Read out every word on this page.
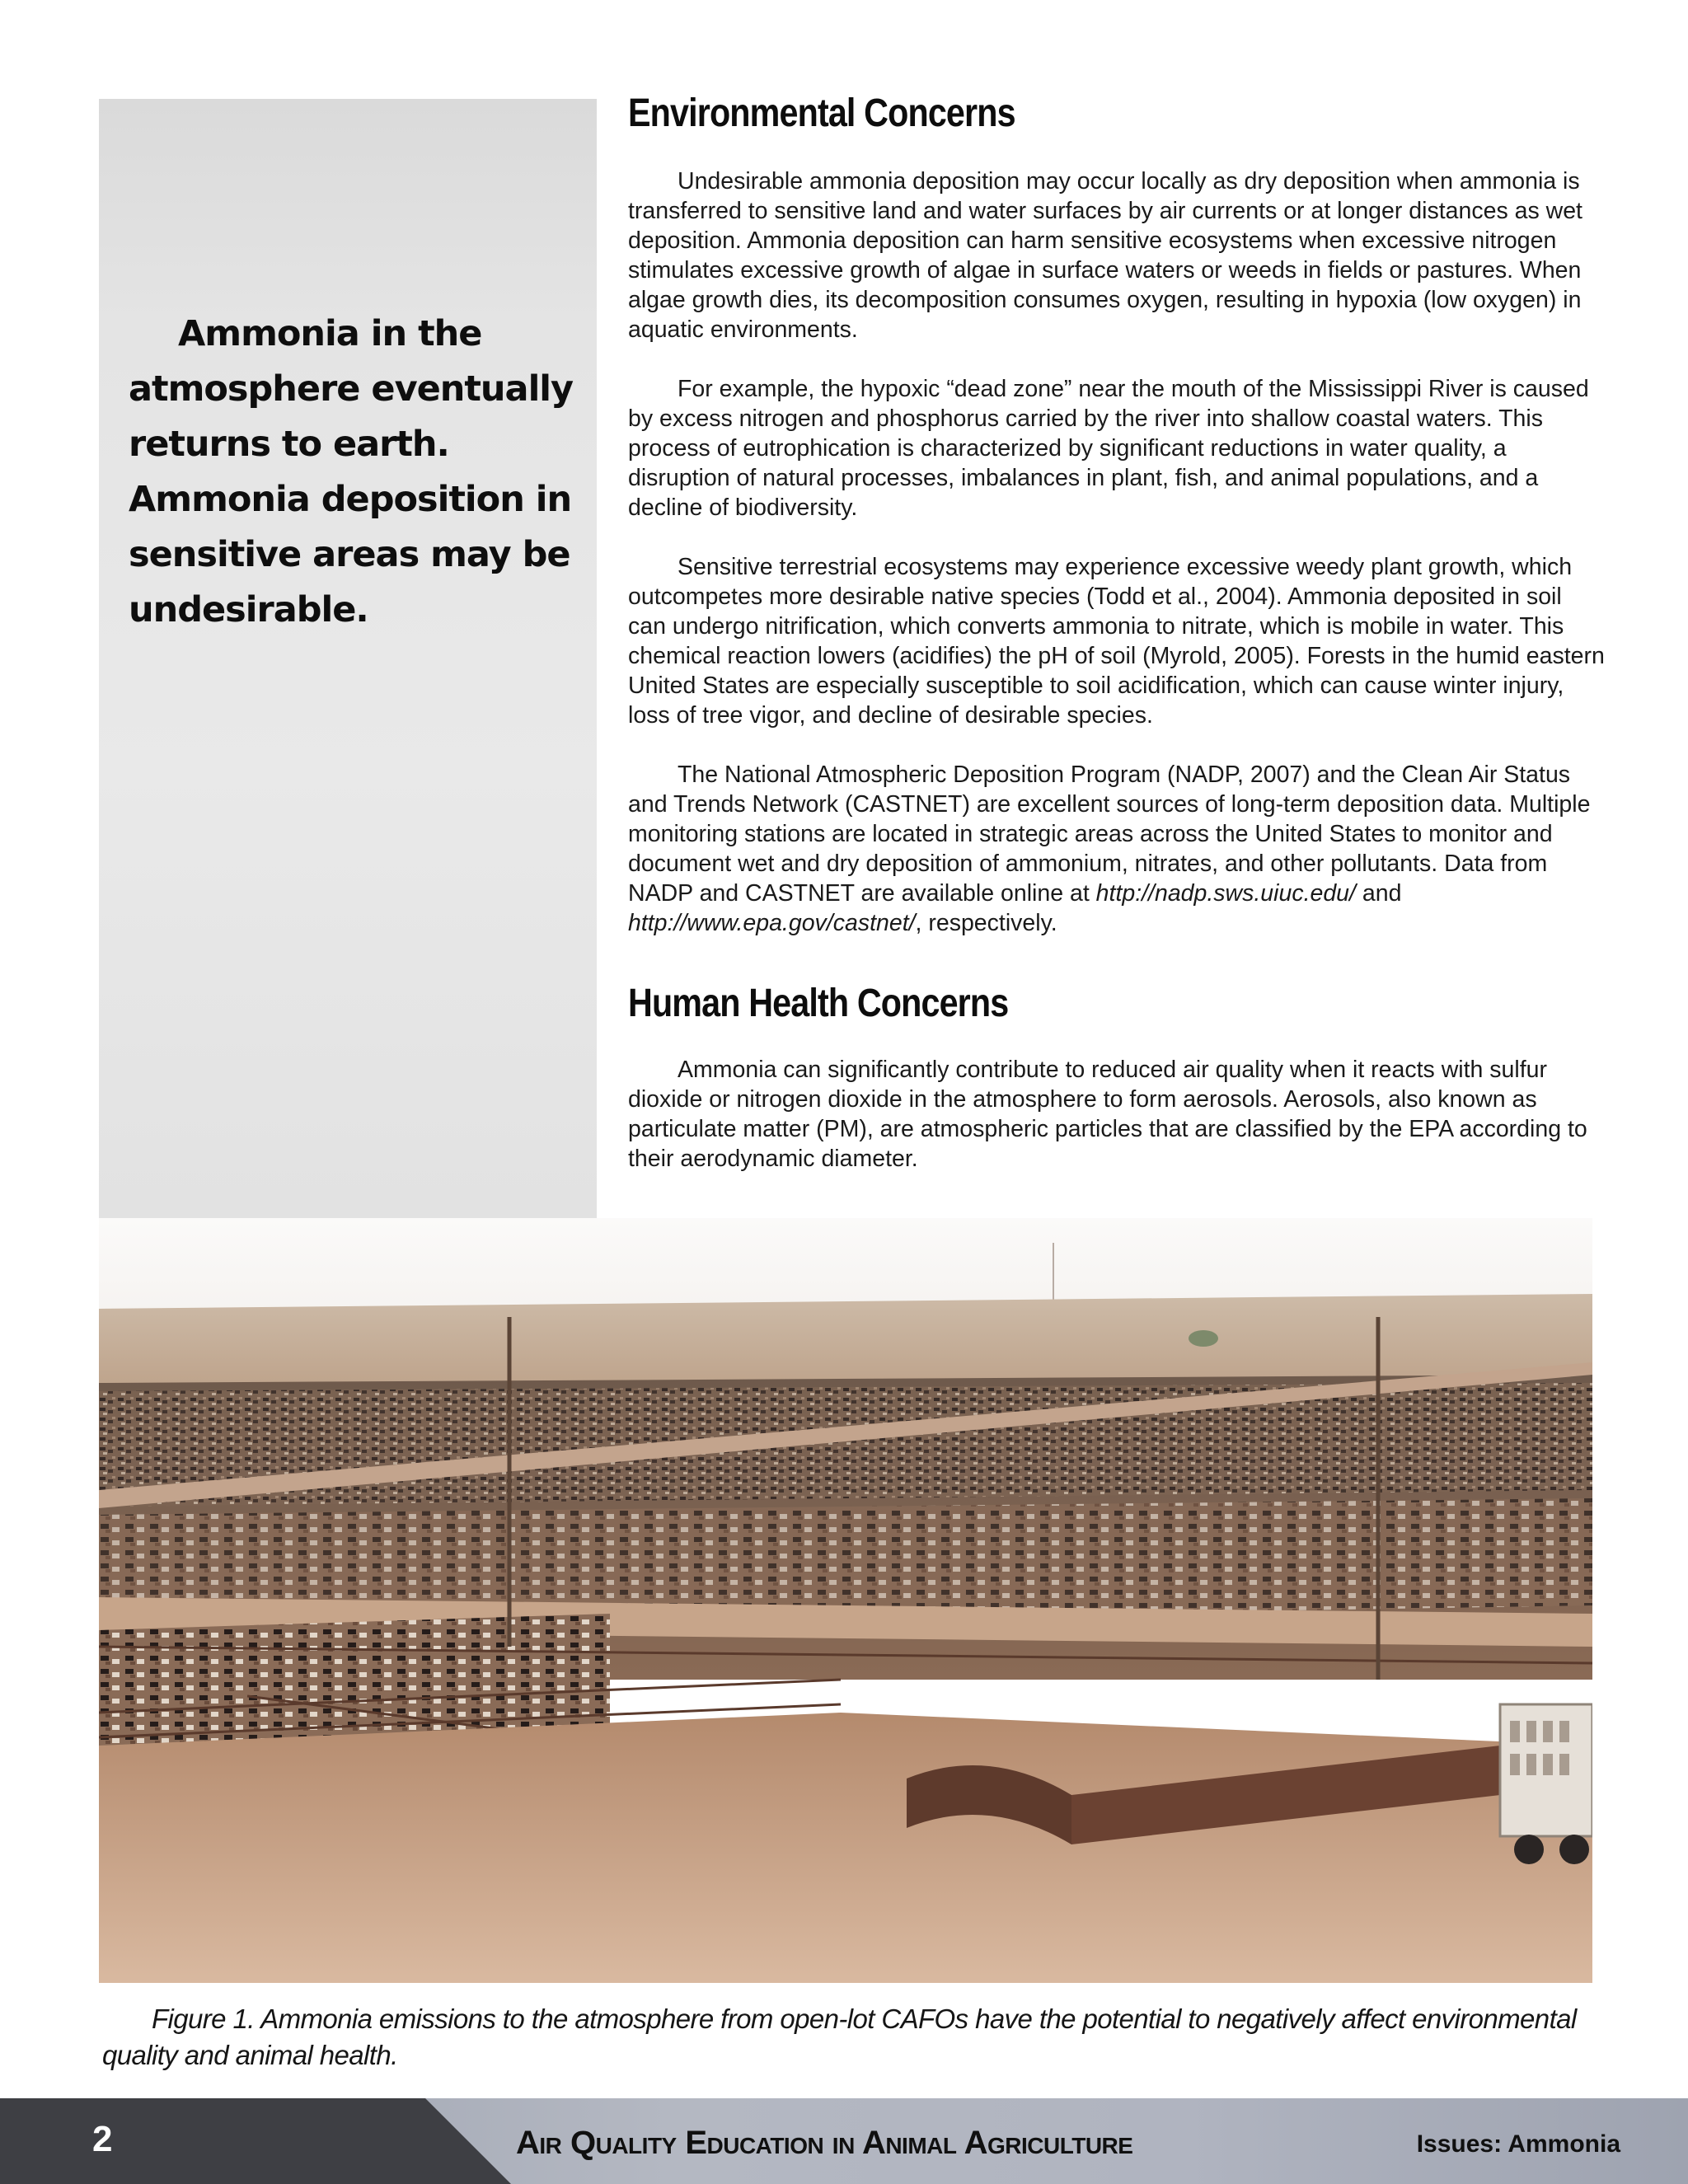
Ammonia in the atmosphere eventually returns to earth. Ammonia deposition in sensitive areas may be undesirable.

Environmental Concerns

Undesirable ammonia deposition may occur locally as dry deposition when ammonia is transferred to sensitive land and water surfaces by air currents or at longer distances as wet deposition. Ammonia deposition can harm sensitive ecosystems when excessive nitrogen stimulates excessive growth of algae in surface waters or weeds in fields or pastures. When algae growth dies, its decomposition consumes oxygen, resulting in hypoxia (low oxygen) in aquatic environments.

For example, the hypoxic “dead zone” near the mouth of the Mississippi River is caused by excess nitrogen and phosphorus carried by the river into shallow coastal waters. This process of eutrophication is characterized by significant reductions in water quality, a disruption of natural processes, imbalances in plant, fish, and animal populations, and a decline of biodiversity.

Sensitive terrestrial ecosystems may experience excessive weedy plant growth, which outcompetes more desirable native species (Todd et al., 2004). Ammonia deposited in soil can undergo nitrification, which converts ammonia to nitrate, which is mobile in water. This chemical reaction lowers (acidifies) the pH of soil (Myrold, 2005). Forests in the humid eastern United States are especially susceptible to soil acidification, which can cause winter injury, loss of tree vigor, and decline of desirable species.

The National Atmospheric Deposition Program (NADP, 2007) and the Clean Air Status and Trends Network (CASTNET) are excellent sources of long-term deposition data. Multiple monitoring stations are located in strategic areas across the United States to monitor and document wet and dry deposition of ammonium, nitrates, and other pollutants. Data from NADP and CASTNET are available online at http://nadp.sws.uiuc.edu/ and http://www.epa.gov/castnet/, respectively.

Human Health Concerns

Ammonia can significantly contribute to reduced air quality when it reacts with sulfur dioxide or nitrogen dioxide in the atmosphere to form aerosols. Aerosols, also known as particulate matter (PM), are atmospheric particles that are classified by the EPA according to their aerodynamic diameter.

Figure 1. Ammonia emissions to the atmosphere from open-lot CAFOs have the potential to negatively affect environmental quality and animal health.

2	Air Quality Education in Animal Agriculture	Issues: Ammonia
